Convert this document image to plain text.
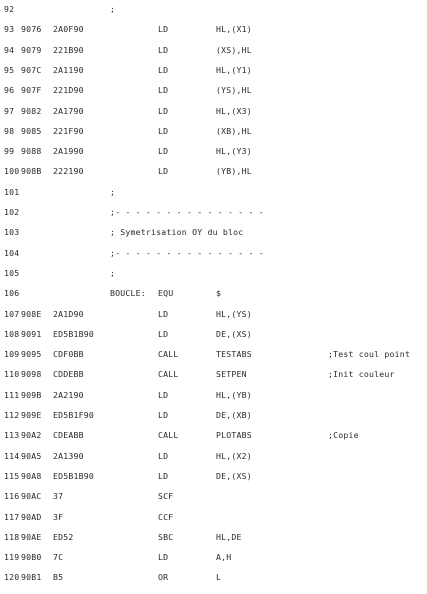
92	;
93 9076 2A0F90	LD	HL,(X1)
94 9079 221B90	LD	(XS),HL
95 907C 2A1190	LD	HL,(Y1)
96 907F 221D90	LD	(YS),HL
97 9082 2A1790	LD	HL,(X3)
98 9085 221F90	LD	(XB),HL
99 9088 2A1990	LD	HL,(Y3)
100 908B 222190	LD	(YB),HL
101	;
102	;- - - - - - - - - - - - - - -
103	; Symetrisation OY du bloc
104	;- - - - - - - - - - - - - - -
105	;
106	BOUCLE: EQU	$
107 908E 2A1D90	LD	HL,(YS)
108 9091 ED5B1B90	LD	DE,(XS)
109 9095 CDF0BB	CALL	TESTABS	;Test coul point
110 9098 CDDEBB	CALL	SETPEN	;Init couleur
111 909B 2A2190	LD	HL,(YB)
112 909E ED5B1F90	LD	DE,(XB)
113 90A2 CDEABB	CALL	PLOTABS	;Copie
114 90A5 2A1390	LD	HL,(X2)
115 90A8 ED5B1B90	LD	DE,(XS)
116 90AC 37	SCF
117 90AD 3F	CCF
118 90AE ED52	SBC	HL,DE
119 90B0 7C	LD	A,H
120 90B1 B5	OR	L
